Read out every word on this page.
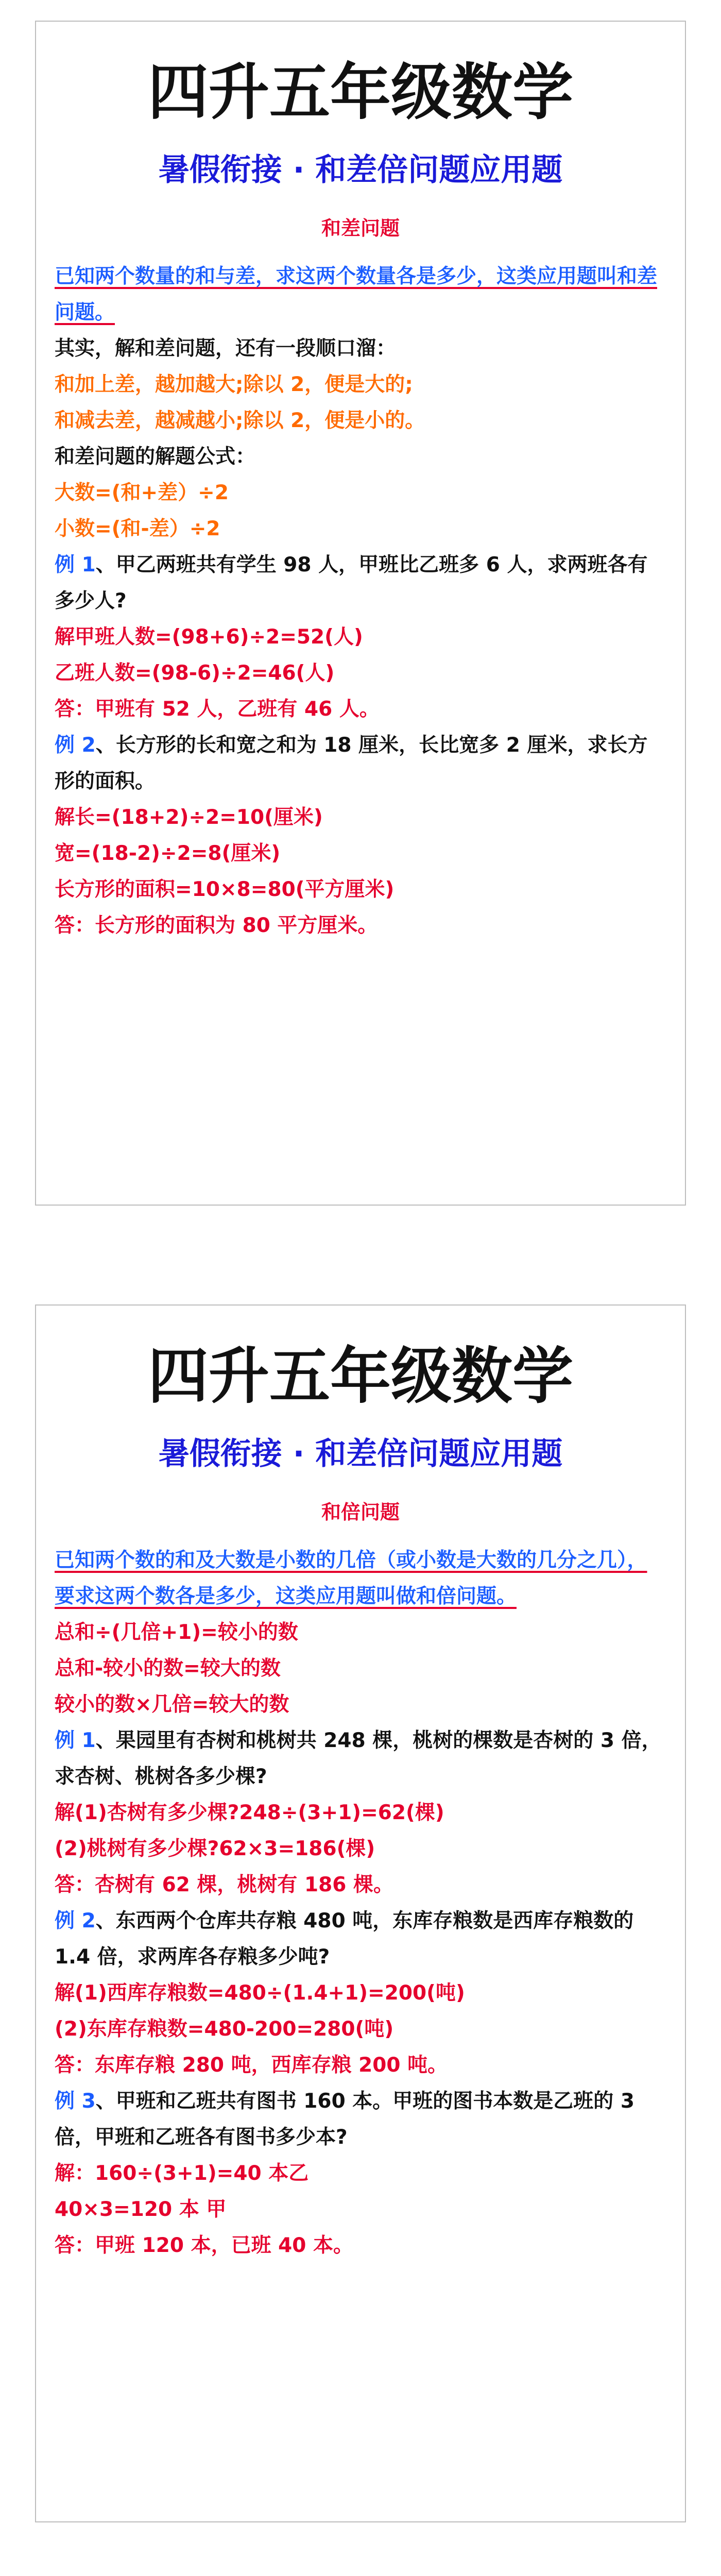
四升五年级数学
暑假衔接 · 和差倍问题应用题
和差问题
已知两个数量的和与差，求这两个数量各是多少，这类应用题叫和差问题。
其实，解和差问题，还有一段顺口溜：
和加上差，越加越大;除以 2，便是大的;
和减去差，越减越小;除以 2，便是小的。
和差问题的解题公式：
大数=(和+差）÷2
小数=(和-差）÷2
例 1、甲乙两班共有学生 98 人，甲班比乙班多 6 人，求两班各有多少人?
解甲班人数=(98+6)÷2=52(人)
乙班人数=(98-6)÷2=46(人)
答：甲班有 52 人，乙班有 46 人。
例 2、长方形的长和宽之和为 18 厘米，长比宽多 2 厘米，求长方形的面积。
解长=(18+2)÷2=10(厘米)
宽=(18-2)÷2=8(厘米)
长方形的面积=10×8=80(平方厘米)
答：长方形的面积为 80 平方厘米。
四升五年级数学
暑假衔接 · 和差倍问题应用题
和倍问题
已知两个数的和及大数是小数的几倍（或小数是大数的几分之几），要求这两个数各是多少，这类应用题叫做和倍问题。
总和÷(几倍+1)=较小的数
总和-较小的数=较大的数
较小的数×几倍=较大的数
例 1、果园里有杏树和桃树共 248 棵，桃树的棵数是杏树的 3 倍，求杏树、桃树各多少棵?
解(1)杏树有多少棵?248÷(3+1)=62(棵)
(2)桃树有多少棵?62×3=186(棵)
答：杏树有 62 棵，桃树有 186 棵。
例 2、东西两个仓库共存粮 480 吨，东库存粮数是西库存粮数的 1.4 倍，求两库各存粮多少吨?
解(1)西库存粮数=480÷(1.4+1)=200(吨)
(2)东库存粮数=480-200=280(吨)
答：东库存粮 280 吨，西库存粮 200 吨。
例 3、甲班和乙班共有图书 160 本。甲班的图书本数是乙班的 3 倍，甲班和乙班各有图书多少本?
解：160÷(3+1)=40 本乙
40×3=120 本 甲
答：甲班 120 本，已班 40 本。
